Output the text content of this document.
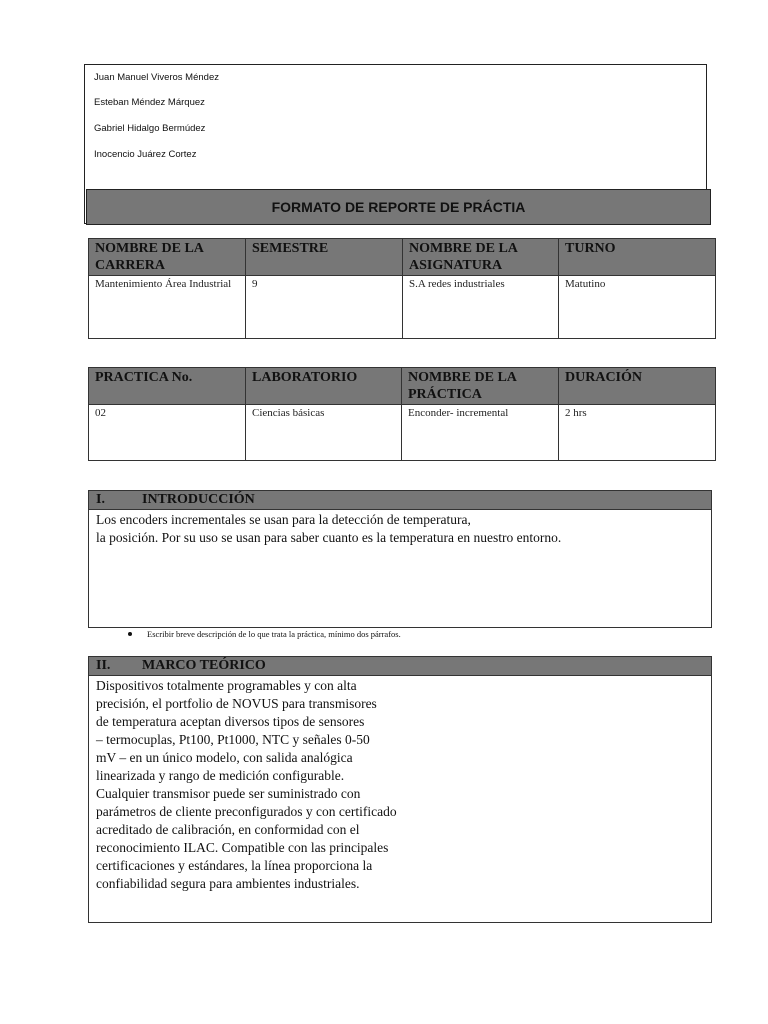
Juan Manuel Viveros Méndez
Esteban Méndez Márquez
Gabriel Hidalgo Bermúdez
Inocencio Juárez Cortez
FORMATO DE REPORTE DE PRÁCTIA
NOMBRE DE LA CARRERA	SEMESTRE	NOMBRE DE LA ASIGNATURA	TURNO
Mantenimiento Área Industrial	9	S.A redes industriales	Matutino
PRACTICA No.	LABORATORIO	NOMBRE DE LA PRÁCTICA	DURACIÓN
02	Ciencias básicas	Enconder- incremental	2 hrs
I.	INTRODUCCIÓN
Los encoders incrementales se usan para la detección de temperatura,
la posición. Por su uso se usan para saber cuanto es la temperatura en nuestro entorno.
Escribir breve descripción de lo que trata la práctica, mínimo dos párrafos.
II. MARCO TEÓRICO
Dispositivos totalmente programables y con alta
precisión, el portfolio de NOVUS para transmisores
de temperatura aceptan diversos tipos de sensores
– termocuplas, Pt100, Pt1000, NTC y señales 0-50
mV – en un único modelo, con salida analógica
linearizada y rango de medición configurable.
Cualquier transmisor puede ser suministrado con
parámetros de cliente preconfigurados y con certificado
acreditado de calibración, en conformidad con el
reconocimiento ILAC. Compatible con las principales
certificaciones y estándares, la línea proporciona la
confiabilidad segura para ambientes industriales.
